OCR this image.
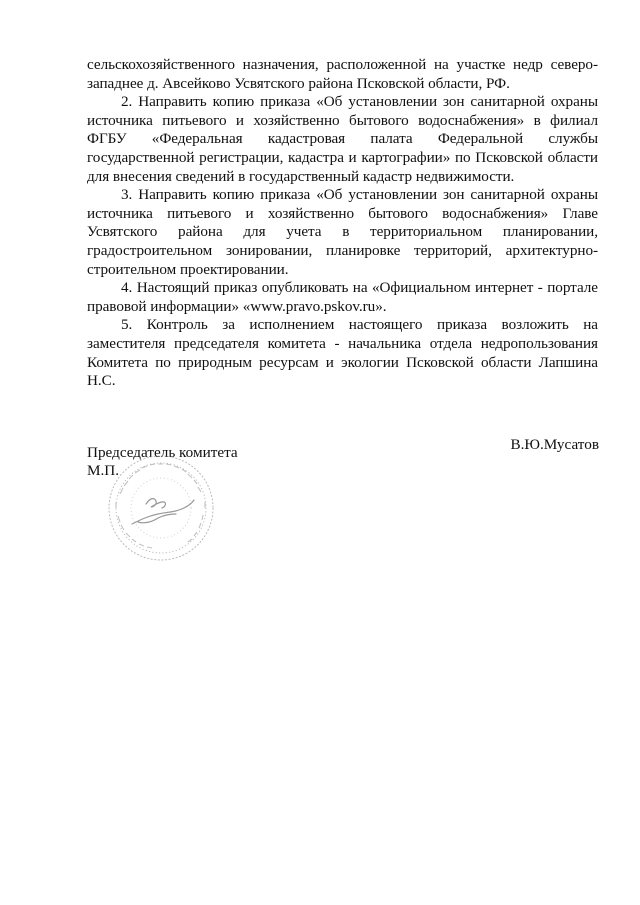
сельскохозяйственного назначения, расположенной на участке недр северо-западнее д. Авсейково Усвятского района Псковской области, РФ.

2. Направить копию приказа «Об установлении зон санитарной охраны источника питьевого и хозяйственно бытового водоснабжения» в филиал ФГБУ «Федеральная кадастровая палата Федеральной службы государственной регистрации, кадастра и картографии» по Псковской области для внесения сведений в государственный кадастр недвижимости.

3. Направить копию приказа «Об установлении зон санитарной охраны источника питьевого и хозяйственно бытового водоснабжения» Главе Усвятского района для учета в территориальном планировании, градостроительном зонировании, планировке территорий, архитектурно-строительном проектировании.

4. Настоящий приказ опубликовать на «Официальном интернет - портале правовой информации» «www.pravo.pskov.ru».

5. Контроль за исполнением настоящего приказа возложить на заместителя председателя комитета - начальника отдела недропользования Комитета по природным ресурсам и экологии Псковской области Лапшина Н.С.

Председатель комитета	В.Ю.Мусатов
М.П.
